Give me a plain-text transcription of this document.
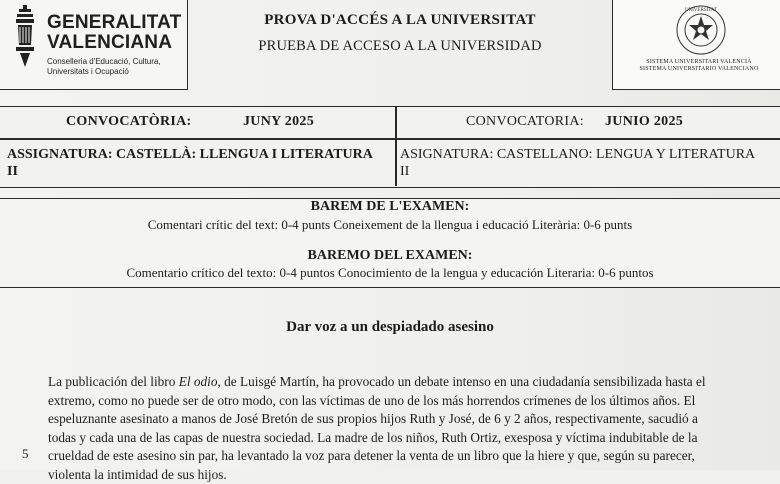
GENERALITAT
VALENCIANA
Conselleria d'Educació, Cultura,
Universitats i Ocupació
PROVA D'ACCÉS A LA UNIVERSITAT
PRUEBA DE ACCESO A LA UNIVERSIDAD
UNIVERSITAT
SISTEMA UNIVERSITARI VALENCIÀ
SISTEMA UNIVERSITARIO VALENCIANO
CONVOCATÒRIA:	JUNY 2025	CONVOCATORIA: JUNIO 2025
ASSIGNATURA: CASTELLÀ: LLENGUA I LITERATURA
II
ASIGNATURA: CASTELLANO: LENGUA Y LITERATURA
II
BAREM DE L'EXAMEN:
Comentari crític del text: 0-4 punts Coneixement de la llengua i educació Literària: 0-6 punts
BAREMO DEL EXAMEN:
Comentario crítico del texto: 0-4 puntos Conocimiento de la lengua y educación Literaria: 0-6 puntos
Dar voz a un despiadado asesino
La publicación del libro El odio, de Luisgé Martín, ha provocado un debate intenso en una ciudadanía sensibilizada hasta el
extremo, como no puede ser de otro modo, con las víctimas de uno de los más horrendos crímenes de los últimos años. El
espeluznante asesinato a manos de José Bretón de sus propios hijos Ruth y José, de 6 y 2 años, respectivamente, sacudió a
todas y cada una de las capas de nuestra sociedad. La madre de los niños, Ruth Ortiz, exesposa y víctima indubitable de la
crueldad de este asesino sin par, ha levantado la voz para detener la venta de un libro que la hiere y que, según su parecer,
violenta la intimidad de sus hijos.
5
